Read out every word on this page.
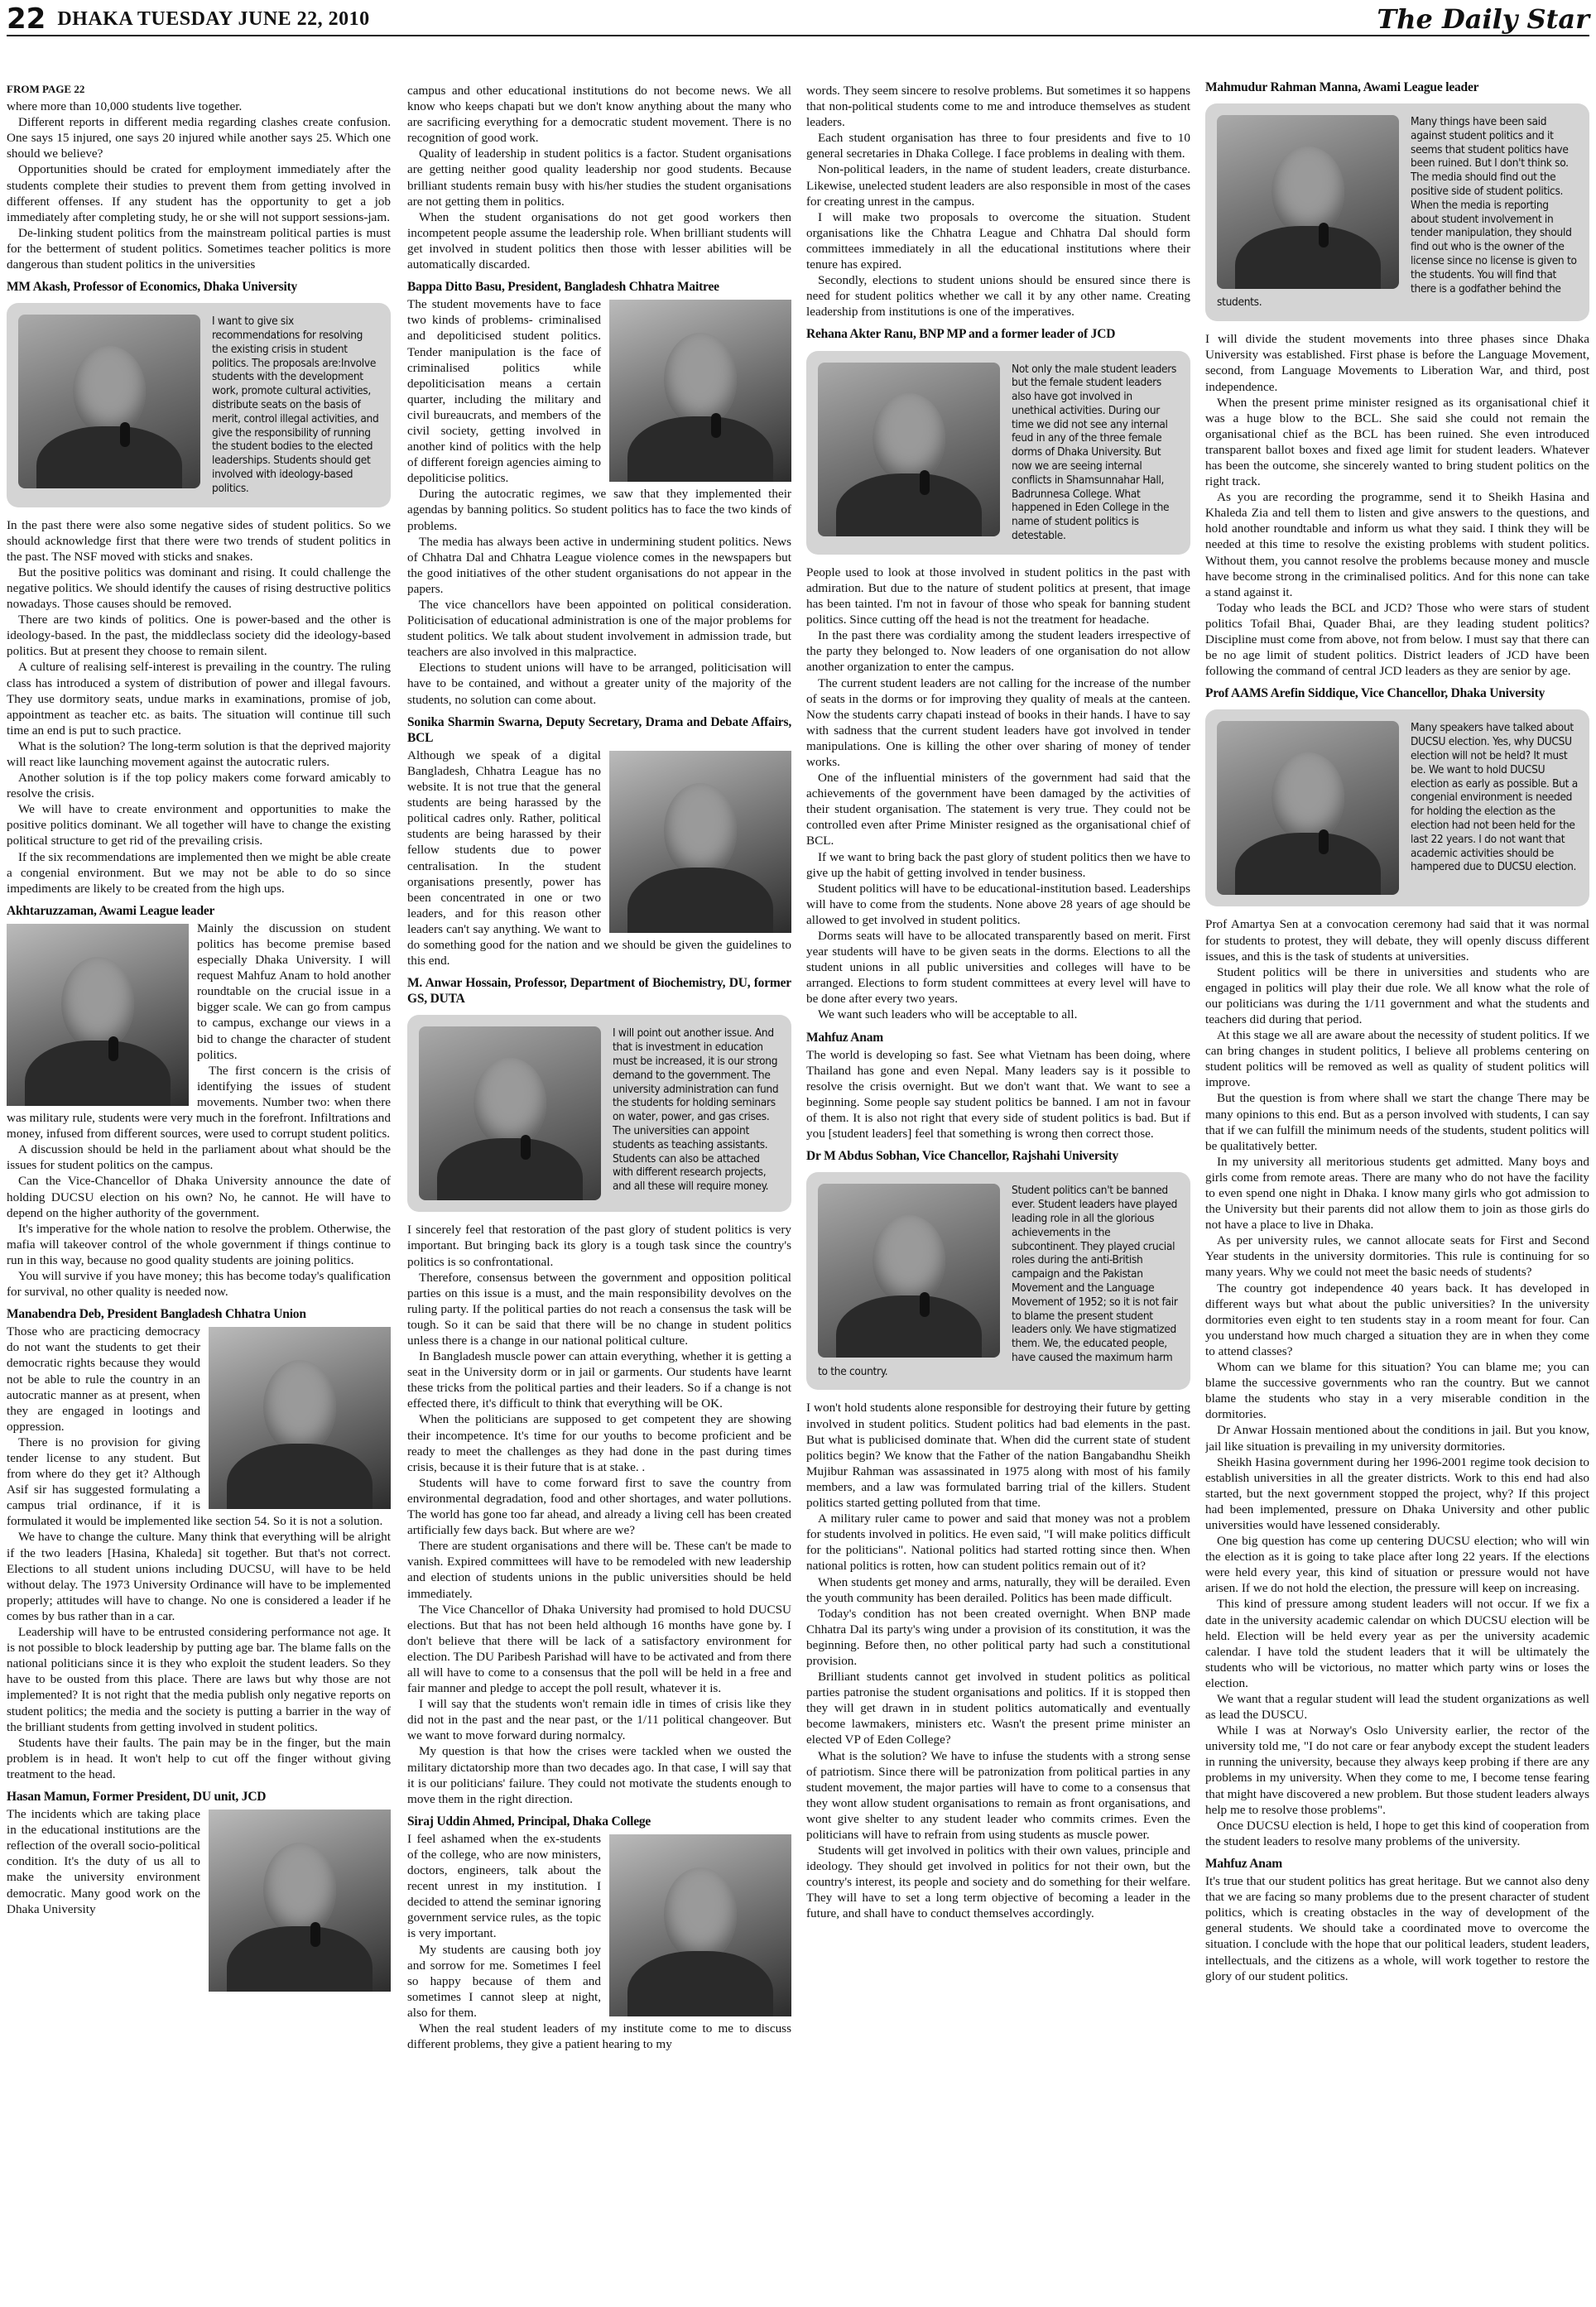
22 DHAKA TUESDAY JUNE 22, 2010	The Daily Star
FROM PAGE 22

where more than 10,000 students live together.

Different reports in different media regarding clashes create confusion. One says 15 injured, one says 20 injured while another says 25. Which one should we believe?

Opportunities should be crated for employment immediately after the students complete their studies to prevent them from getting involved in different offenses. If any student has the opportunity to get a job immediately after completing study, he or she will not support sessions-jam.

De-linking student politics from the mainstream political parties is must for the betterment of student politics. Sometimes teacher politics is more dangerous than student politics in the universities

MM Akash, Professor of Economics, Dhaka University
I want to give six recommendations for resolving the existing crisis in student politics. The proposals are:Involve students with the development work, promote cultural activities, distribute seats on the basis of merit, control illegal activities, and give the responsibility of running the student bodies to the elected leaderships. Students should get involved with ideology-based politics.

In the past there were also some negative sides of student politics. So we should acknowledge first that there were two trends of student politics in the past. The NSF moved with sticks and snakes.

But the positive politics was dominant and rising. It could challenge the negative politics. We should identify the causes of rising destructive politics nowadays. Those causes should be removed.

There are two kinds of politics. One is power-based and the other is ideology-based. In the past, the middleclass society did the ideology-based politics. But at present they choose to remain silent.

A culture of realising self-interest is prevailing in the country. The ruling class has introduced a system of distribution of power and illegal favours. They use dormitory seats, undue marks in examinations, promise of job, appointment as teacher etc. as baits. The situation will continue till such time an end is put to such practice.

What is the solution? The long-term solution is that the deprived majority will react like launching movement against the autocratic rulers.

Another solution is if the top policy makers come forward amicably to resolve the crisis.

We will have to create environment and opportunities to make the positive politics dominant. We all together will have to change the existing political structure to get rid of the prevailing crisis.

If the six recommendations are implemented then we might be able create a congenial environment. But we may not be able to do so since impediments are likely to be created from the high ups.

Akhtaruzzaman, Awami League leader

Mainly the discussion on student politics has become premise based especially Dhaka University. I will request Mahfuz Anam to hold another roundtable on the crucial issue in a bigger scale. We can go from campus to campus, exchange our views in a bid to change the character of student politics.

The first concern is the crisis of identifying the issues of student movements. Number two: when there was military rule, students were very much in the forefront. Infiltrations and money, infused from different sources, were used to corrupt student politics.

A discussion should be held in the parliament about what should be the issues for student politics on the campus.

Can the Vice-Chancellor of Dhaka University announce the date of holding DUCSU election on his own? No, he cannot. He will have to depend on the higher authority of the government.

It's imperative for the whole nation to resolve the problem. Otherwise, the mafia will takeover control of the whole government if things continue to run in this way, because no good quality students are joining politics.

You will survive if you have money; this has become today's qualification for survival, no other quality is needed now.

Manabendra Deb, President Bangladesh Chhatra Union

Those who are practicing democracy do not want the students to get their democratic rights because they would not be able to rule the country in an autocratic manner as at present, when they are engaged in lootings and oppression.

There is no provision for giving tender license to any student. But from where do they get it? Although Asif sir has suggested formulating a campus trial ordinance, if it is formulated it would be implemented like section 54. So it is not a solution.

We have to change the culture. Many think that everything will be alright if the two leaders [Hasina, Khaleda] sit together. But that's not correct. Elections to all student unions including DUCSU, will have to be held without delay. The 1973 University Ordinance will have to be implemented properly; attitudes will have to change. No one is considered a leader if he comes by bus rather than in a car.

Leadership will have to be entrusted considering performance not age. It is not possible to block leadership by putting age bar. The blame falls on the national politicians since it is they who exploit the student leaders. So they have to be ousted from this place. There are laws but why those are not implemented? It is not right that the media publish only negative reports on student politics; the media and the society is putting a barrier in the way of the brilliant students from getting involved in student politics.

Students have their faults. The pain may be in the finger, but the main problem is in head. It won't help to cut off the finger without giving treatment to the head.

Hasan Mamun, Former President, DU unit, JCD

The incidents which are taking place in the educational institutions are the reflection of the overall socio-political condition. It's the duty of us all to make the university environment democratic. Many good work on the Dhaka University

campus and other educational institutions do not become news. We all know who keeps chapati but we don't know anything about the many who are sacrificing everything for a democratic student movement. There is no recognition of good work.

Quality of leadership in student politics is a factor. Student organisations are getting neither good quality leadership nor good students. Because brilliant students remain busy with his/her studies the student organisations are not getting them in politics.

When the student organisations do not get good workers then incompetent people assume the leadership role. When brilliant students will get involved in student politics then those with lesser abilities will be automatically discarded.

Bappa Ditto Basu, President, Bangladesh Chhatra Maitree

The student movements have to face two kinds of problems- criminalised and depoliticised student politics. Tender manipulation is the face of criminalised politics while depoliticisation means a certain quarter, including the military and civil bureaucrats, and members of the civil society, getting involved in another kind of politics with the help of different foreign agencies aiming to depoliticise politics.

During the autocratic regimes, we saw that they implemented their agendas by banning politics. So student politics has to face the two kinds of problems.

The media has always been active in undermining student politics. News of Chhatra Dal and Chhatra League violence comes in the newspapers but the good initiatives of the other student organisations do not appear in the papers.

The vice chancellors have been appointed on political consideration. Politicisation of educational administration is one of the major problems for student politics. We talk about student involvement in admission trade, but teachers are also involved in this malpractice.

Elections to student unions will have to be arranged, politicisation will have to be contained, and without a greater unity of the majority of the students, no solution can come about.

Sonika Sharmin Swarna, Deputy Secretary, Drama and Debate Affairs, BCL

Although we speak of a digital Bangladesh, Chhatra League has no website. It is not true that the general students are being harassed by the political cadres only. Rather, political students are being harassed by their fellow students due to power centralisation. In the student organisations presently, power has been concentrated in one or two leaders, and for this reason other leaders can't say anything. We want to do something good for the nation and we should be given the guidelines to this end.

M. Anwar Hossain, Professor, Department of Biochemistry, DU, former GS, DUTA
I will point out another issue. And that is investment in education must be increased, it is our strong demand to the government. The university administration can fund the students for holding seminars on water, power, and gas crises. The universities can appoint students as teaching assistants. Students can also be attached with different research projects, and all these will require money.

I sincerely feel that restoration of the past glory of student politics is very important. But bringing back its glory is a tough task since the country's politics is so confrontational.

Therefore, consensus between the government and opposition political parties on this issue is a must, and the main responsibility devolves on the ruling party. If the political parties do not reach a consensus the task will be tough. So it can be said that there will be no change in student politics unless there is a change in our national political culture.

In Bangladesh muscle power can attain everything, whether it is getting a seat in the University dorm or in jail or garments. Our students have learnt these tricks from the political parties and their leaders. So if a change is not effected there, it's difficult to think that everything will be OK.

When the politicians are supposed to get competent they are showing their incompetence. It's time for our youths to become proficient and be ready to meet the challenges as they had done in the past during times crisis, because it is their future that is at stake. .

Students will have to come forward first to save the country from environmental degradation, food and other shortages, and water pollutions. The world has gone too far ahead, and already a living cell has been created artificially few days back. But where are we?

There are student organisations and there will be. These can't be made to vanish. Expired committees will have to be remodeled with new leadership and election of students unions in the public universities should be held immediately.

The Vice Chancellor of Dhaka University had promised to hold DUCSU elections. But that has not been held although 16 months have gone by. I don't believe that there will be lack of a satisfactory environment for election. The DU Paribesh Parishad will have to be activated and from there all will have to come to a consensus that the poll will be held in a free and fair manner and pledge to accept the poll result, whatever it is.

I will say that the students won't remain idle in times of crisis like they did not in the past and the near past, or the 1/11 political changeover. But we want to move forward during normalcy.

My question is that how the crises were tackled when we ousted the military dictatorship more than two decades ago. In that case, I will say that it is our politicians' failure. They could not motivate the students enough to move them in the right direction.

Siraj Uddin Ahmed, Principal, Dhaka College

I feel ashamed when the ex-students of the college, who are now ministers, doctors, engineers, talk about the recent unrest in my institution. I decided to attend the seminar ignoring government service rules, as the topic is very important.

My students are causing both joy and sorrow for me. Sometimes I feel so happy because of them and sometimes I cannot sleep at night, also for them.

When the real student leaders of my institute come to me to discuss different problems, they give a patient hearing to my

words. They seem sincere to resolve problems. But sometimes it so happens that non-political students come to me and introduce themselves as student leaders.

Each student organisation has three to four presidents and five to 10 general secretaries in Dhaka College. I face problems in dealing with them.

Non-political leaders, in the name of student leaders, create disturbance. Likewise, unelected student leaders are also responsible in most of the cases for creating unrest in the campus.

I will make two proposals to overcome the situation. Student organisations like the Chhatra League and Chhatra Dal should form committees immediately in all the educational institutions where their tenure has expired.

Secondly, elections to student unions should be ensured since there is need for student politics whether we call it by any other name. Creating leadership from institutions is one of the imperatives.

Rehana Akter Ranu, BNP MP and a former leader of JCD
Not only the male student leaders but the female student leaders also have got involved in unethical activities. During our time we did not see any internal feud in any of the three female dorms of Dhaka University. But now we are seeing internal conflicts in Shamsunnahar Hall, Badrunnesa College. What happened in Eden College in the name of student politics is detestable.

People used to look at those involved in student politics in the past with admiration. But due to the nature of student politics at present, that image has been tainted. I'm not in favour of those who speak for banning student politics. Since cutting off the head is not the treatment for headache.

In the past there was cordiality among the student leaders irrespective of the party they belonged to. Now leaders of one organisation do not allow another organization to enter the campus.

The current student leaders are not calling for the increase of the number of seats in the dorms or for improving they quality of meals at the canteen. Now the students carry chapati instead of books in their hands. I have to say with sadness that the current student leaders have got involved in tender manipulations. One is killing the other over sharing of money of tender works.

One of the influential ministers of the government had said that the achievements of the government have been damaged by the activities of their student organisation. The statement is very true. They could not be controlled even after Prime Minister resigned as the organisational chief of BCL.

If we want to bring back the past glory of student politics then we have to give up the habit of getting involved in tender business.

Student politics will have to be educational-institution based. Leaderships will have to come from the students. None above 28 years of age should be allowed to get involved in student politics.

Dorms seats will have to be allocated transparently based on merit. First year students will have to be given seats in the dorms. Elections to all the student unions in all public universities and colleges will have to be arranged. Elections to form student committees at every level will have to be done after every two years.

We want such leaders who will be acceptable to all.

Mahfuz Anam

The world is developing so fast. See what Vietnam has been doing, where Thailand has gone and even Nepal. Many leaders say is it possible to resolve the crisis overnight. But we don't want that. We want to see a beginning. Some people say student politics be banned. I am not in favour of them. It is also not right that every side of student politics is bad. But if you [student leaders] feel that something is wrong then correct those.

Dr M Abdus Sobhan, Vice Chancellor, Rajshahi University
Student politics can't be banned ever. Student leaders have played leading role in all the glorious achievements in the subcontinent. They played crucial roles during the anti-British campaign and the Pakistan Movement and the Language Movement of 1952; so it is not fair to blame the present student leaders only. We have stigmatized them. We, the educated people, have caused the maximum harm to the country.

I won't hold students alone responsible for destroying their future by getting involved in student politics. Student politics had bad elements in the past. But what is publicised dominate that. When did the current state of student politics begin? We know that the Father of the nation Bangabandhu Sheikh Mujibur Rahman was assassinated in 1975 along with most of his family members, and a law was formulated barring trial of the killers. Student politics started getting polluted from that time.

A military ruler came to power and said that money was not a problem for students involved in politics. He even said, "I will make politics difficult for the politicians". National politics had started rotting since then. When national politics is rotten, how can student politics remain out of it?

When students get money and arms, naturally, they will be derailed. Even the youth community has been derailed. Politics has been made difficult.

Today's condition has not been created overnight. When BNP made Chhatra Dal its party's wing under a provision of its constitution, it was the beginning. Before then, no other political party had such a constitutional provision.

Brilliant students cannot get involved in student politics as political parties patronise the student organisations and politics. If it is stopped then they will get drawn in in student politics automatically and eventually become lawmakers, ministers etc. Wasn't the present prime minister an elected VP of Eden College?

What is the solution? We have to infuse the students with a strong sense of patriotism. Since there will be patronization from political parties in any student movement, the major parties will have to come to a consensus that they wont allow student organisations to remain as front organisations, and wont give shelter to any student leader who commits crimes. Even the politicians will have to refrain from using students as muscle power.

Students will get involved in politics with their own values, principle and ideology. They should get involved in politics for not their own, but the country's interest, its people and society and do something for their welfare. They will have to set a long term objective of becoming a leader in the future, and shall have to conduct themselves accordingly.

Mahmudur Rahman Manna, Awami League leader
Many things have been said against student politics and it seems that student politics have been ruined. But I don't think so. The media should find out the positive side of student politics. When the media is reporting about student involvement in tender manipulation, they should find out who is the owner of the license since no license is given to the students. You will find that there is a godfather behind the students.

I will divide the student movements into three phases since Dhaka University was established. First phase is before the Language Movement, second, from Language Movements to Liberation War, and third, post independence.

When the present prime minister resigned as its organisational chief it was a huge blow to the BCL. She said she could not remain the organisational chief as the BCL has been ruined. She even introduced transparent ballot boxes and fixed age limit for student leaders. Whatever has been the outcome, she sincerely wanted to bring student politics on the right track.

As you are recording the programme, send it to Sheikh Hasina and Khaleda Zia and tell them to listen and give answers to the questions, and hold another roundtable and inform us what they said. I think they will be needed at this time to resolve the existing problems with student politics. Without them, you cannot resolve the problems because money and muscle have become strong in the criminalised politics. And for this none can take a stand against it.

Today who leads the BCL and JCD? Those who were stars of student politics Tofail Bhai, Quader Bhai, are they leading student politics? Discipline must come from above, not from below. I must say that there can be no age limit of student politics. District leaders of JCD have been following the command of central JCD leaders as they are senior by age.

Prof AAMS Arefin Siddique, Vice Chancellor, Dhaka University
Many speakers have talked about DUCSU election. Yes, why DUCSU election will not be held? It must be. We want to hold DUCSU election as early as possible. But a congenial environment is needed for holding the election as the election had not been held for the last 22 years. I do not want that academic activities should be hampered due to DUCSU election.

Prof Amartya Sen at a convocation ceremony had said that it was normal for students to protest, they will debate, they will openly discuss different issues, and this is the task of students at universities.

Student politics will be there in universities and students who are engaged in politics will play their due role. We all know what the role of our politicians was during the 1/11 government and what the students and teachers did during that period.

At this stage we all are aware about the necessity of student politics. If we can bring changes in student politics, I believe all problems centering on student politics will be removed as well as quality of student politics will improve.

But the question is from where shall we start the change There may be many opinions to this end. But as a person involved with students, I can say that if we can fulfill the minimum needs of the students, student politics will be qualitatively better.

In my university all meritorious students get admitted. Many boys and girls come from remote areas. There are many who do not have the facility to even spend one night in Dhaka. I know many girls who got admission to the University but their parents did not allow them to join as those girls do not have a place to live in Dhaka.

As per university rules, we cannot allocate seats for First and Second Year students in the university dormitories. This rule is continuing for so many years. Why we could not meet the basic needs of students?

The country got independence 40 years back. It has developed in different ways but what about the public universities? In the university dormitories even eight to ten students stay in a room meant for four. Can you understand how much charged a situation they are in when they come to attend classes?

Whom can we blame for this situation? You can blame me; you can blame the successive governments who ran the country. But we cannot blame the students who stay in a very miserable condition in the dormitories.

Dr Anwar Hossain mentioned about the conditions in jail. But you know, jail like situation is prevailing in my university dormitories.

Sheikh Hasina government during her 1996-2001 regime took decision to establish universities in all the greater districts. Work to this end had also started, but the next government stopped the project, why? If this project had been implemented, pressure on Dhaka University and other public universities would have lessened considerably.

One big question has come up centering DUCSU election; who will win the election as it is going to take place after long 22 years. If the elections were held every year, this kind of situation or pressure would not have arisen. If we do not hold the election, the pressure will keep on increasing.

This kind of pressure among student leaders will not occur. If we fix a date in the university academic calendar on which DUCSU election will be held. Election will be held every year as per the university academic calendar. I have told the student leaders that it will be ultimately the students who will be victorious, no matter which party wins or loses the election.

We want that a regular student will lead the student organizations as well as lead the DUSCU.

While I was at Norway's Oslo University earlier, the rector of the university told me, "I do not care or fear anybody except the student leaders in running the university, because they always keep probing if there are any problems in my university. When they come to me, I become tense fearing that might have discovered a new problem. But those student leaders always help me to resolve those problems".

Once DUCSU election is held, I hope to get this kind of cooperation from the student leaders to resolve many problems of the university.

Mahfuz Anam

It's true that our student politics has great heritage. But we cannot also deny that we are facing so many problems due to the present character of student politics, which is creating obstacles in the way of development of the general students. We should take a coordinated move to overcome the situation. I conclude with the hope that our political leaders, student leaders, intellectuals, and the citizens as a whole, will work together to restore the glory of our student politics.
